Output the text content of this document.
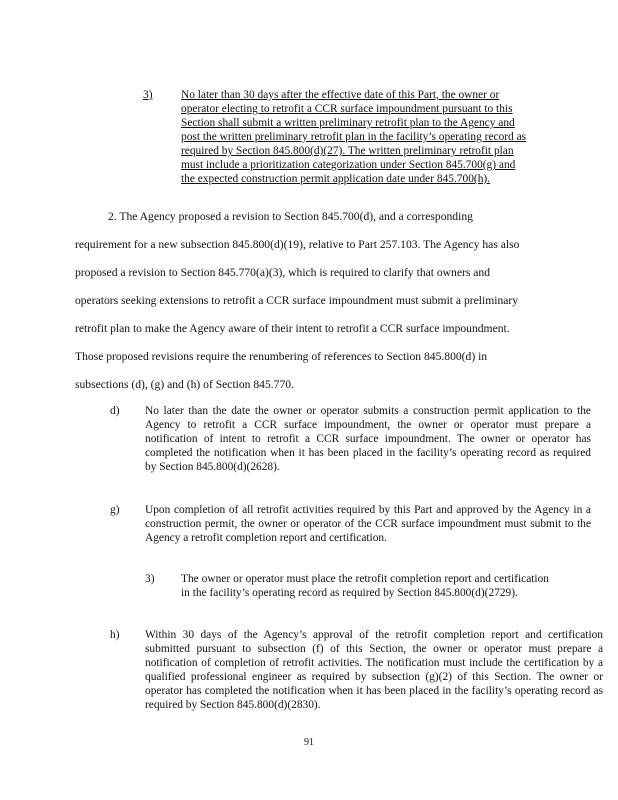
3)	No later than 30 days after the effective date of this Part, the owner or
operator electing to retrofit a CCR surface impoundment pursuant to this
Section shall submit a written preliminary retrofit plan to the Agency and
post the written preliminary retrofit plan in the facility’s operating record as
required by Section 845.800(d)(27). The written preliminary retrofit plan
must include a prioritization categorization under Section 845.700(g) and
the expected construction permit application date under 845.700(h).

2. The Agency proposed a revision to Section 845.700(d), and a corresponding

requirement for a new subsection 845.800(d)(19), relative to Part 257.103. The Agency has also

proposed a revision to Section 845.770(a)(3), which is required to clarify that owners and

operators seeking extensions to retrofit a CCR surface impoundment must submit a preliminary

retrofit plan to make the Agency aware of their intent to retrofit a CCR surface impoundment.

Those proposed revisions require the renumbering of references to Section 845.800(d) in

subsections (d), (g) and (h) of Section 845.770.

d) No later than the date the owner or operator submits a construction permit application to the Agency to retrofit a CCR surface impoundment, the owner or operator must prepare a notification of intent to retrofit a CCR surface impoundment. The owner or operator has completed the notification when it has been placed in the facility’s operating record as required by Section 845.800(d)(2628).
g) Upon completion of all retrofit activities required by this Part and approved by the Agency in a construction permit, the owner or operator of the CCR surface impoundment must submit to the Agency a retrofit completion report and certification.
3) The owner or operator must place the retrofit completion report and certification in the facility’s operating record as required by Section 845.800(d)(2729).
h) Within 30 days of the Agency’s approval of the retrofit completion report and certification submitted pursuant to subsection (f) of this Section, the owner or operator must prepare a notification of completion of retrofit activities. The notification must include the certification by a qualified professional engineer as required by subsection (g)(2) of this Section. The owner or operator has completed the notification when it has been placed in the facility’s operating record as required by Section 845.800(d)(2830).
91
